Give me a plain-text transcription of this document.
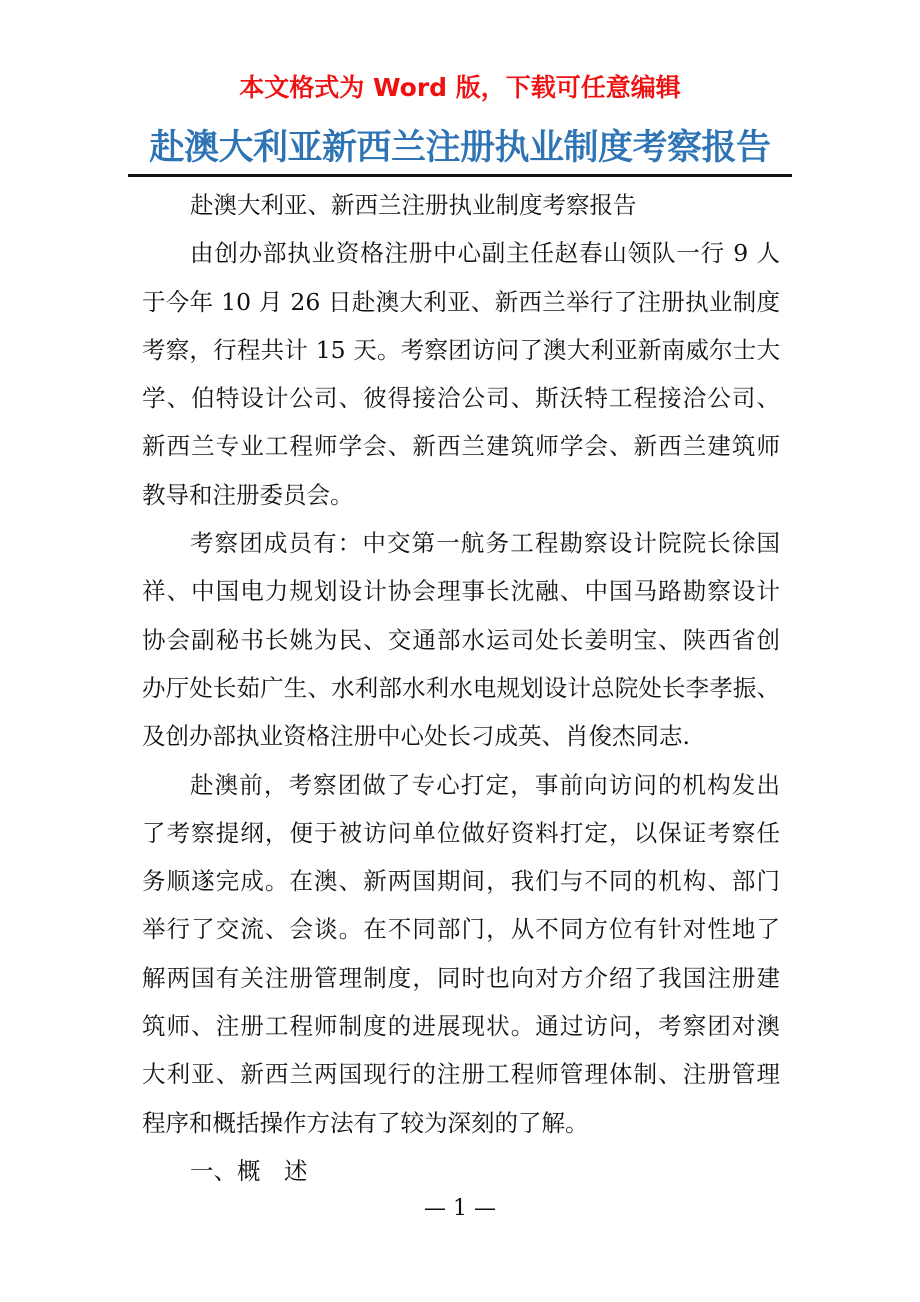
本文格式为 Word 版，下载可任意编辑
赴澳大利亚新西兰注册执业制度考察报告
赴澳大利亚、新西兰注册执业制度考察报告
由创办部执业资格注册中心副主任赵春山领队一行 9 人
于今年 10 月 26 日赴澳大利亚、新西兰举行了注册执业制度
考察，行程共计 15 天。考察团访问了澳大利亚新南威尔士大
学、伯特设计公司、彼得接洽公司、斯沃特工程接洽公司、
新西兰专业工程师学会、新西兰建筑师学会、新西兰建筑师
教导和注册委员会。
考察团成员有：中交第一航务工程勘察设计院院长徐国
祥、中国电力规划设计协会理事长沈融、中国马路勘察设计
协会副秘书长姚为民、交通部水运司处长姜明宝、陕西省创
办厅处长茹广生、水利部水利水电规划设计总院处长李孝振、
及创办部执业资格注册中心处长刁成英、肖俊杰同志.
赴澳前，考察团做了专心打定，事前向访问的机构发出
了考察提纲，便于被访问单位做好资料打定，以保证考察任
务顺遂完成。在澳、新两国期间，我们与不同的机构、部门
举行了交流、会谈。在不同部门，从不同方位有针对性地了
解两国有关注册管理制度，同时也向对方介绍了我国注册建
筑师、注册工程师制度的进展现状。通过访问，考察团对澳
大利亚、新西兰两国现行的注册工程师管理体制、注册管理
程序和概括操作方法有了较为深刻的了解。
一、概　述
— 1 —
